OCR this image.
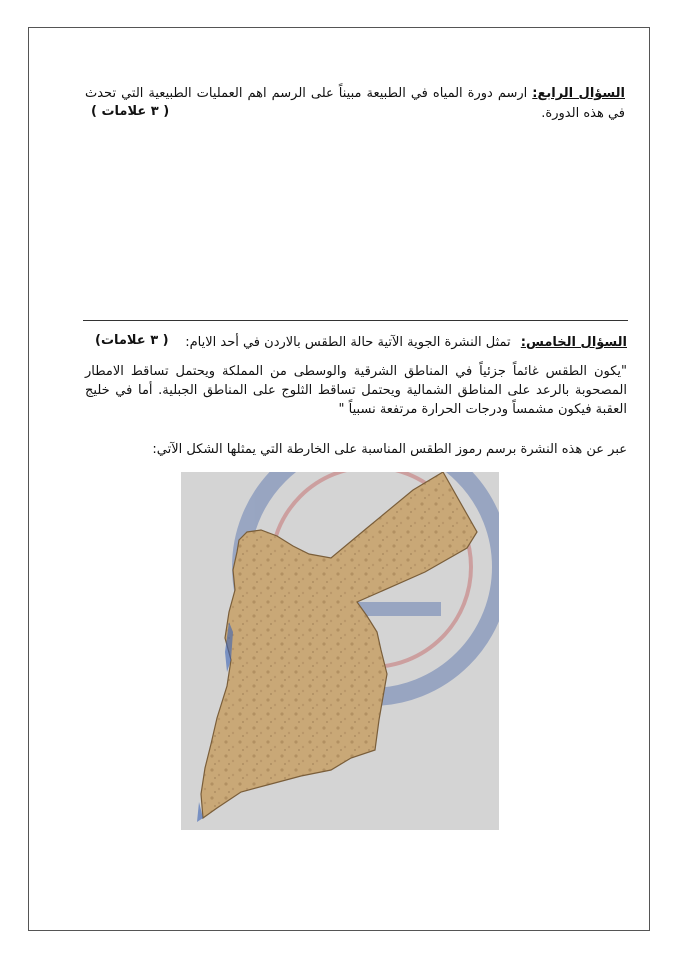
السؤال الرابع: ارسم دورة المياه في الطبيعة مبيناً على الرسم اهم العمليات الطبيعية التي تحدث في هذه الدورة.
( ٣ علامات )
السؤال الخامس: تمثل النشرة الجوية الآتية حالة الطقس بالاردن في أحد الايام:
( ٣ علامات)
"يكون الطقس غائماً جزئياً في المناطق الشرقية والوسطى من المملكة ويحتمل تساقط الامطار المصحوبة بالرعد على المناطق الشمالية ويحتمل تساقط الثلوج على المناطق الجبلية. أما في خليج العقبة فيكون مشمساً ودرجات الحرارة مرتفعة نسبياً "
عبر عن هذه النشرة برسم رموز الطقس المناسبة على الخارطة التي يمثلها الشكل الآتي:
